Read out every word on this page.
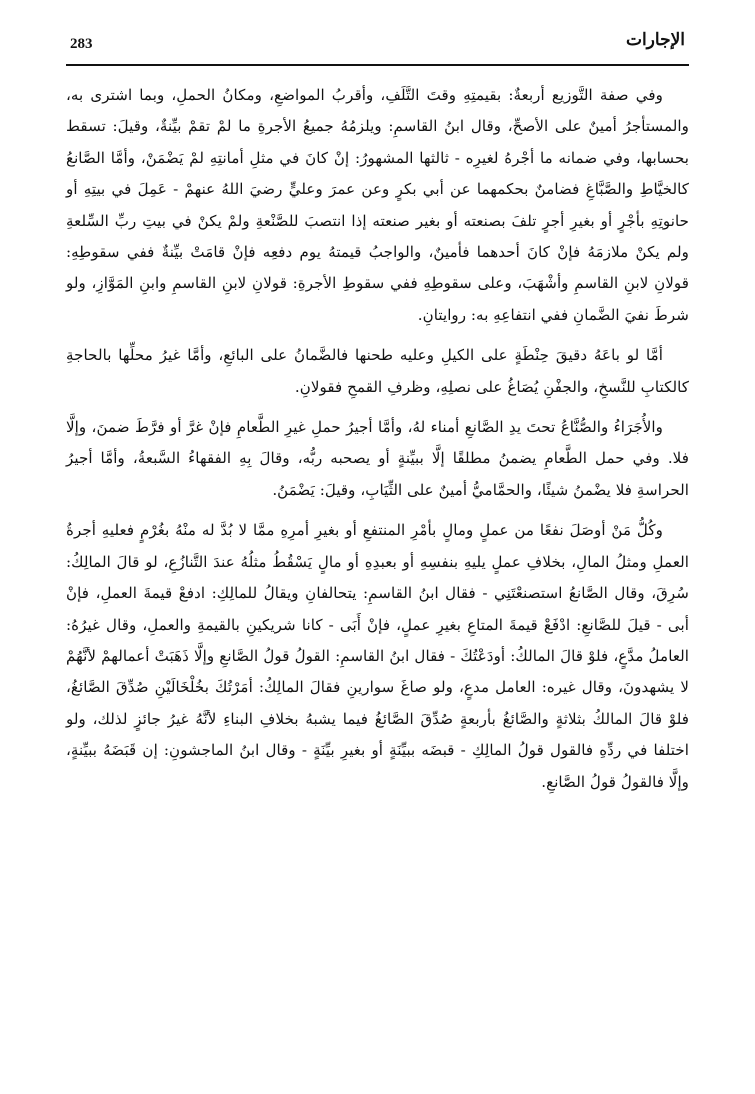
283	الإجارات

وفي صفة التَّوزيع أربعةٌ: بقيمتِهِ وقتَ التَّلَفِ، وأقربُ المواضعِ، ومكانُ الحملِ، وبما اشترى به، والمستأجرُ أمينٌ على الأصحِّ، وقال ابنُ القاسمِ: ويلزمُهُ جميعُ الأجرةِ ما لمْ تقمْ بيِّنةٌ، وقيلَ: تسقط بحسابها، وفي ضمانه ما أجْرهُ لغيرِه - ثالثها المشهورُ: إنْ كانَ في مثلِ أمانتِهِ لمْ يَضْمَنْ، وأمَّا الصَّانعُ كالخيَّاطِ والصَّبَّاغِ فضامنٌ بحكمهما عن أبي بكرٍ وعن عمرَ وعليٍّ رضيَ اللهُ عنهمْ - عَمِلَ في بيتِهِ أو حانوتِهِ بأجْرٍ أو بغيرِ أجرٍ تلفَ بصنعته أو بغير صنعته إذا انتصبَ للصَّنْعةِ ولمْ يكنْ في بيتِ ربِّ السِّلعةِ ولم يكنْ ملازمَهُ فإنْ كانَ أحدهما فأمينٌ، والواجبُ قيمتهُ يوم دفعِه فإنْ قامَتْ بيِّنةٌ ففي سقوطِهِ: قولانِ لابنِ القاسمِ وأشْهَبَ، وعلى سقوطِهِ ففي سقوطِ الأجرةِ: قولانِ لابنِ القاسمِ وابنِ المَوَّازِ، ولو شرطَ نفيَ الضَّمانِ ففي انتفاعِهِ به: روايتانِ.

أمَّا لو باعَهُ دقيقَ حِنْطَةٍ على الكيلِ وعليه طحنها فالضَّمانُ على البائعِ، وأمَّا غيرُ محلِّها بالحاجةِ كالكتابِ للنَّسخِ، والجفْنِ يُصَاغُ على نصلِهِ، وظرفِ القمحِ فقولانِ.

والأُجَرَاءُ والصُّنَّاعُ تحتَ يدِ الصَّانعِ أمناء لهُ، وأمَّا أجيرُ حملِ غيرِ الطَّعامِ فإنْ غرَّ أو فرَّطَ ضمنَ، وإلَّا فلا. وفي حمل الطَّعامِ يضمنُ مطلقًا إلَّا ببيِّنةٍ أو يصحبه ربُّه، وقالَ بِهِ الفقهاءُ السَّبعةُ، وأمَّا أجيرُ الحراسةِ فلا يضْمنُ شيئًا، والحمَّاميُّ أمينٌ على الثِّيَابِ، وقيلَ: يَضْمَنُ.

وكُلُّ مَنْ أوصَلَ نفعًا من عملٍ ومالٍ بأمْرِ المنتفعِ أو بغيرِ أمرِهِ ممَّا لا بُدَّ له منْهُ بغُرْمٍ فعليهِ أجرةُ العملِ ومثلُ المالِ، بخلافِ عملٍ يليهِ بنفسِهِ أو بعبدِهِ أو مالٍ يَسْقُطُ مثلُهُ عندَ التَّنازُعِ، لو قالَ المالِكُ: سُرِقَ، وقال الصَّانعُ استصنعْتَنِي - فقال ابنُ القاسمِ: يتحالفانِ ويقالُ للمالِكِ: ادفعْ قيمةَ العملِ، فإنْ أبى - قيلَ للصَّانعِ: ادْفَعْ قيمةَ المتاعِ بغيرِ عملٍ، فإنْ أَبَى - كانا شريكينِ بالقيمةِ والعملِ، وقال غيرُهُ: العاملُ مدَّعٍ، فلوْ قالَ المالكُ: أودَعْتُكَ - فقال ابنُ القاسمِ: القولُ قولُ الصَّانعِ وإلَّا ذَهَبَتْ أعمالهمْ لأنَّهُمْ لا يشهدونَ، وقال غيره: العامل مدعٍ، ولو صاغَ سوارينِ فقالَ المالِكُ: أمَرْتُكَ بخُلْخَالَيْنِ صُدِّقَ الصَّائغُ، فلوْ قالَ المالكُ بثلاثةٍ والصَّائغُ بأربعةٍ صُدِّقَ الصَّائغُ فيما يشبهُ بخلافِ البناءِ لأنَّهُ غيرُ جائزٍ لذلك، ولو اختلفا في ردِّهِ فالقول قولُ المالِكِ - قبضَه ببيِّنَةٍ أو بغيرِ بيِّنَةٍ - وقال ابنُ الماجشونِ: إن قَبَضَهُ ببيِّنةٍ، وإلَّا فالقولُ قولُ الصَّانعِ.
